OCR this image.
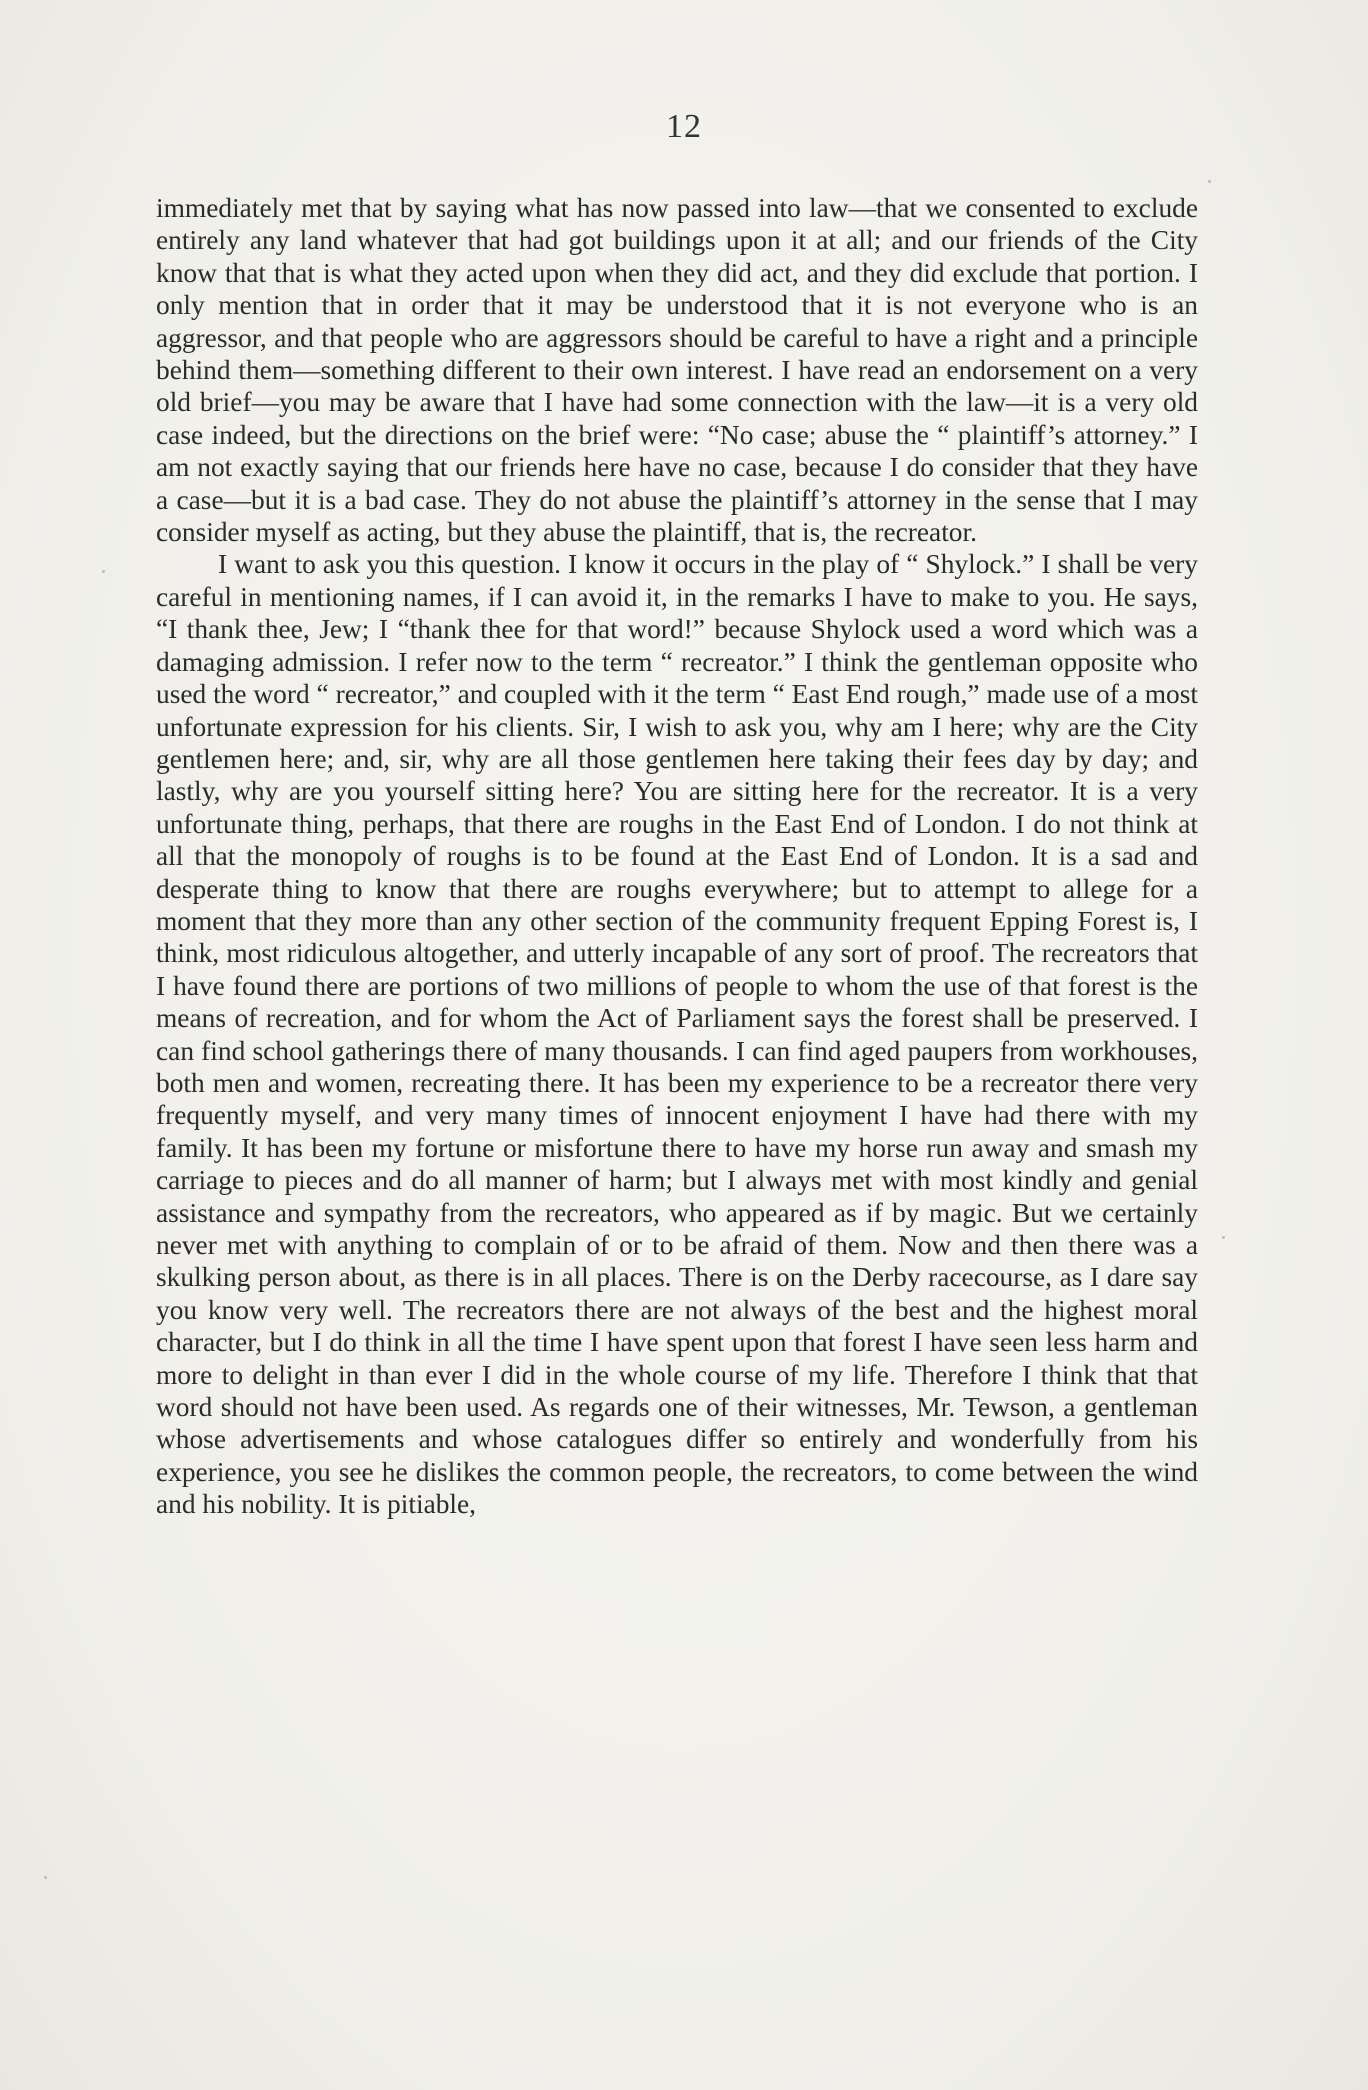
12

immediately met that by saying what has now passed into law—that we consented to exclude entirely any land whatever that had got buildings upon it at all; and our friends of the City know that that is what they acted upon when they did act, and they did exclude that portion. I only mention that in order that it may be understood that it is not everyone who is an aggressor, and that people who are aggressors should be careful to have a right and a principle behind them—something different to their own interest. I have read an endorsement on a very old brief—you may be aware that I have had some connection with the law—it is a very old case indeed, but the directions on the brief were: “No case; abuse the “ plaintiff’s attorney.” I am not exactly saying that our friends here have no case, because I do consider that they have a case—but it is a bad case. They do not abuse the plaintiff’s attorney in the sense that I may consider myself as acting, but they abuse the plaintiff, that is, the recreator.

I want to ask you this question. I know it occurs in the play of “ Shylock.” I shall be very careful in mentioning names, if I can avoid it, in the remarks I have to make to you. He says, “I thank thee, Jew; I “thank thee for that word!” because Shylock used a word which was a damaging admission. I refer now to the term “ recreator.” I think the gentleman opposite who used the word “ recreator,” and coupled with it the term “ East End rough,” made use of a most unfortunate expression for his clients. Sir, I wish to ask you, why am I here; why are the City gentlemen here; and, sir, why are all those gentlemen here taking their fees day by day; and lastly, why are you yourself sitting here? You are sitting here for the recreator. It is a very unfortunate thing, perhaps, that there are roughs in the East End of London. I do not think at all that the monopoly of roughs is to be found at the East End of London. It is a sad and desperate thing to know that there are roughs everywhere; but to attempt to allege for a moment that they more than any other section of the community frequent Epping Forest is, I think, most ridiculous altogether, and utterly incapable of any sort of proof. The recreators that I have found there are portions of two millions of people to whom the use of that forest is the means of recreation, and for whom the Act of Parliament says the forest shall be preserved. I can find school gatherings there of many thousands. I can find aged paupers from workhouses, both men and women, recreating there. It has been my experience to be a recreator there very frequently myself, and very many times of innocent enjoyment I have had there with my family. It has been my fortune or misfortune there to have my horse run away and smash my carriage to pieces and do all manner of harm; but I always met with most kindly and genial assistance and sympathy from the recreators, who appeared as if by magic. But we certainly never met with anything to complain of or to be afraid of them. Now and then there was a skulking person about, as there is in all places. There is on the Derby racecourse, as I dare say you know very well. The recreators there are not always of the best and the highest moral character, but I do think in all the time I have spent upon that forest I have seen less harm and more to delight in than ever I did in the whole course of my life. Therefore I think that that word should not have been used. As regards one of their witnesses, Mr. Tewson, a gentleman whose advertisements and whose catalogues differ so entirely and wonderfully from his experience, you see he dislikes the common people, the recreators, to come between the wind and his nobility. It is pitiable,
